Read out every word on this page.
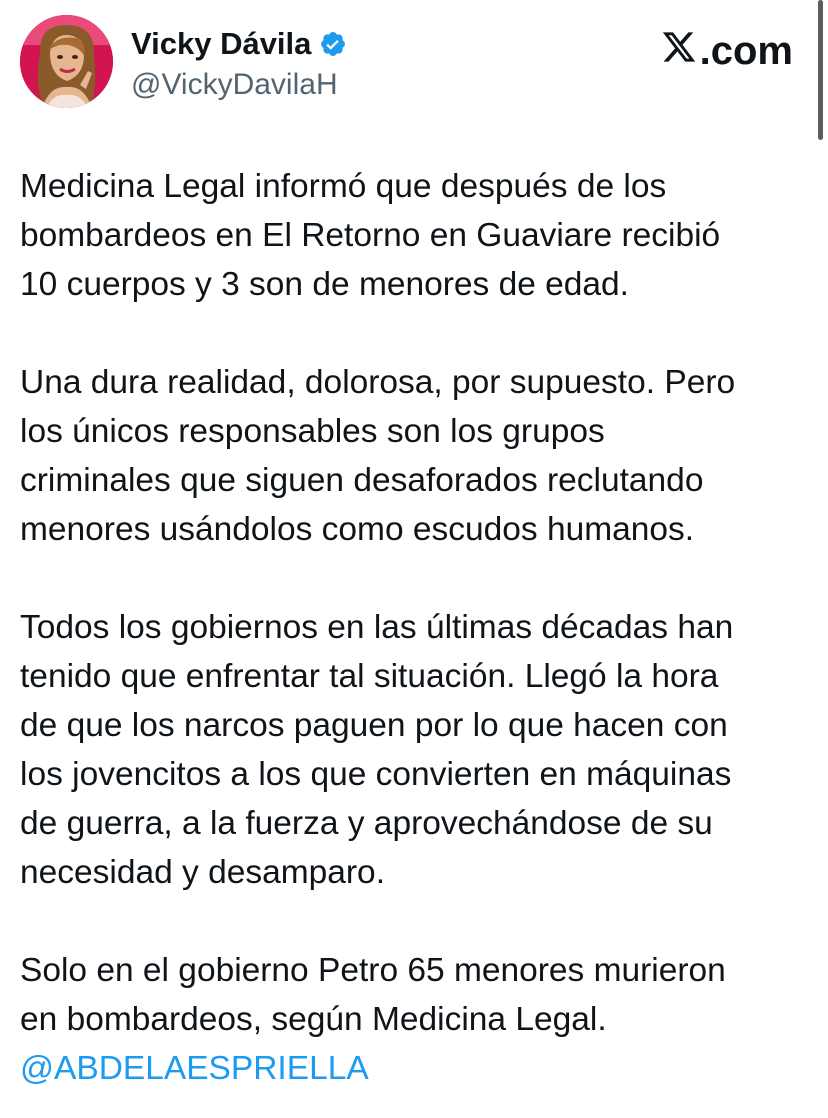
Vicky Dávila
@VickyDavilaH
.com

Medicina Legal informó que después de los
bombardeos en El Retorno en Guaviare recibió
10 cuerpos y 3 son de menores de edad.

Una dura realidad, dolorosa, por supuesto. Pero
los únicos responsables son los grupos
criminales que siguen desaforados reclutando
menores usándolos como escudos humanos.

Todos los gobiernos en las últimas décadas han
tenido que enfrentar tal situación. Llegó la hora
de que los narcos paguen por lo que hacen con
los jovencitos a los que convierten en máquinas
de guerra, a la fuerza y aprovechándose de su
necesidad y desamparo.

Solo en el gobierno Petro 65 menores murieron
en bombardeos, según Medicina Legal.

@ABDELAESPRIELLA
